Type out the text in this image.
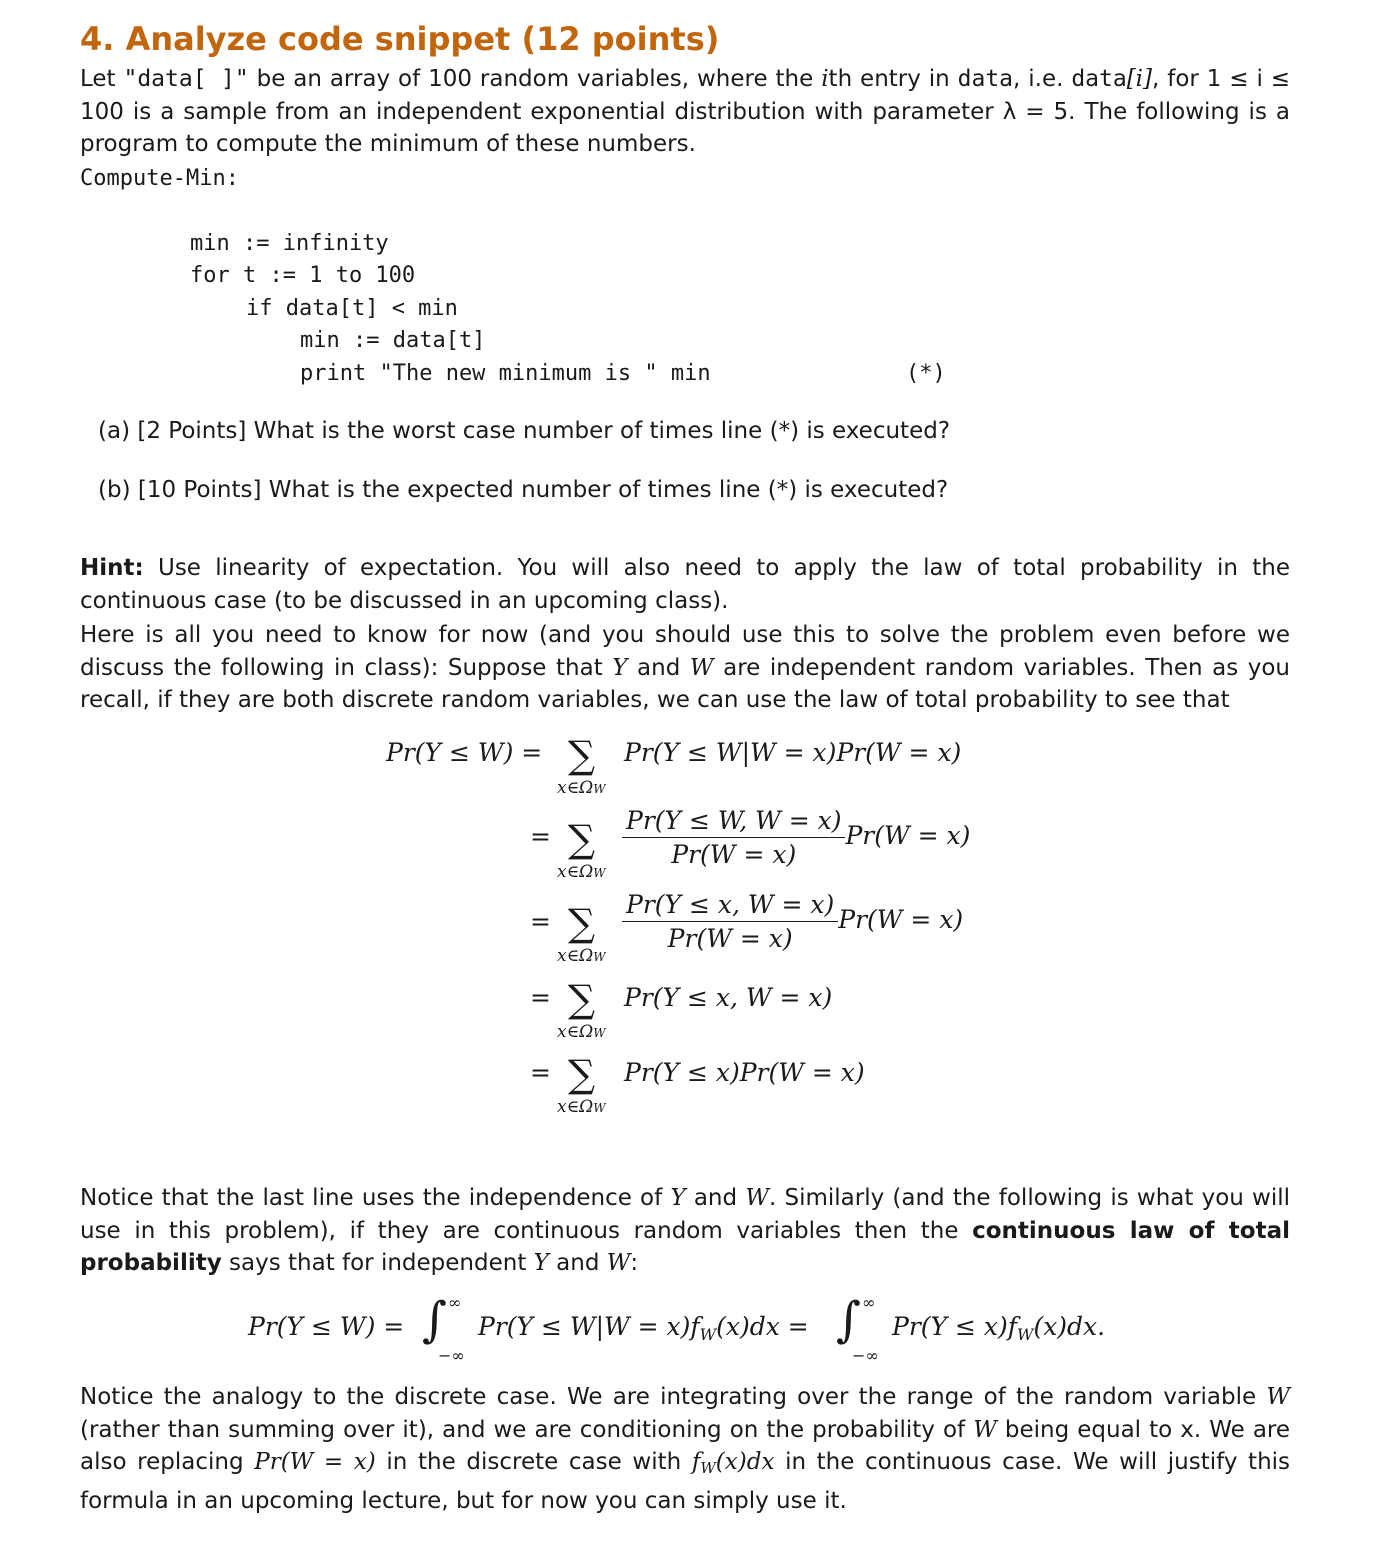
4. Analyze code snippet (12 points)
Let "data[ ]" be an array of 100 random variables, where the ith entry in data, i.e. data[i], for 1 ≤ i ≤ 100 is a sample from an independent exponential distribution with parameter λ = 5. The following is a program to compute the minimum of these numbers.
Compute-Min:
min := infinity
for t := 1 to 100
if data[t] < min
min := data[t]
print "The new minimum is " min	(*)
(a) [2 Points] What is the worst case number of times line (*) is executed?
(b) [10 Points] What is the expected number of times line (*) is executed?
Hint: Use linearity of expectation. You will also need to apply the law of total probability in the continuous case (to be discussed in an upcoming class).
Here is all you need to know for now (and you should use this to solve the problem even before we discuss the following in class): Suppose that Y and W are independent random variables. Then as you recall, if they are both discrete random variables, we can use the law of total probability to see that
Pr(Y ≤ W) = ∑
x∈ΩW
Pr(Y ≤ W|W = x)Pr(W = x)
= ∑
x∈ΩW
$\frac{Pr(Y \le W, W = x)}{Pr(W = x)} Pr(W = x)$
= ∑
x∈ΩW
$\frac{Pr(Y \le x, W = x)}{Pr(W = x)} Pr(W = x)$
= ∑
x∈ΩW
Pr(Y ≤ x, W = x)
= ∑
x∈ΩW
Pr(Y ≤ x)Pr(W = x)
Notice that the last line uses the independence of Y and W. Similarly (and the following is what you will use in this problem), if they are continuous random variables then the continuous law of total probability says that for independent Y and W:
Pr(Y ≤ W) = ∫ ∞
−∞
$Pr(Y \le W|W = x)f_W(x)dx$ = ∫ ∞
−∞
$Pr(Y \le x)f_W(x)dx$.
Notice the analogy to the discrete case. We are integrating over the range of the random variable W (rather than summing over it), and we are conditioning on the probability of W being equal to x. We are also replacing Pr(W = x) in the discrete case with fW(x)dx in the continuous case. We will justify this formula in an upcoming lecture, but for now you can simply use it.
